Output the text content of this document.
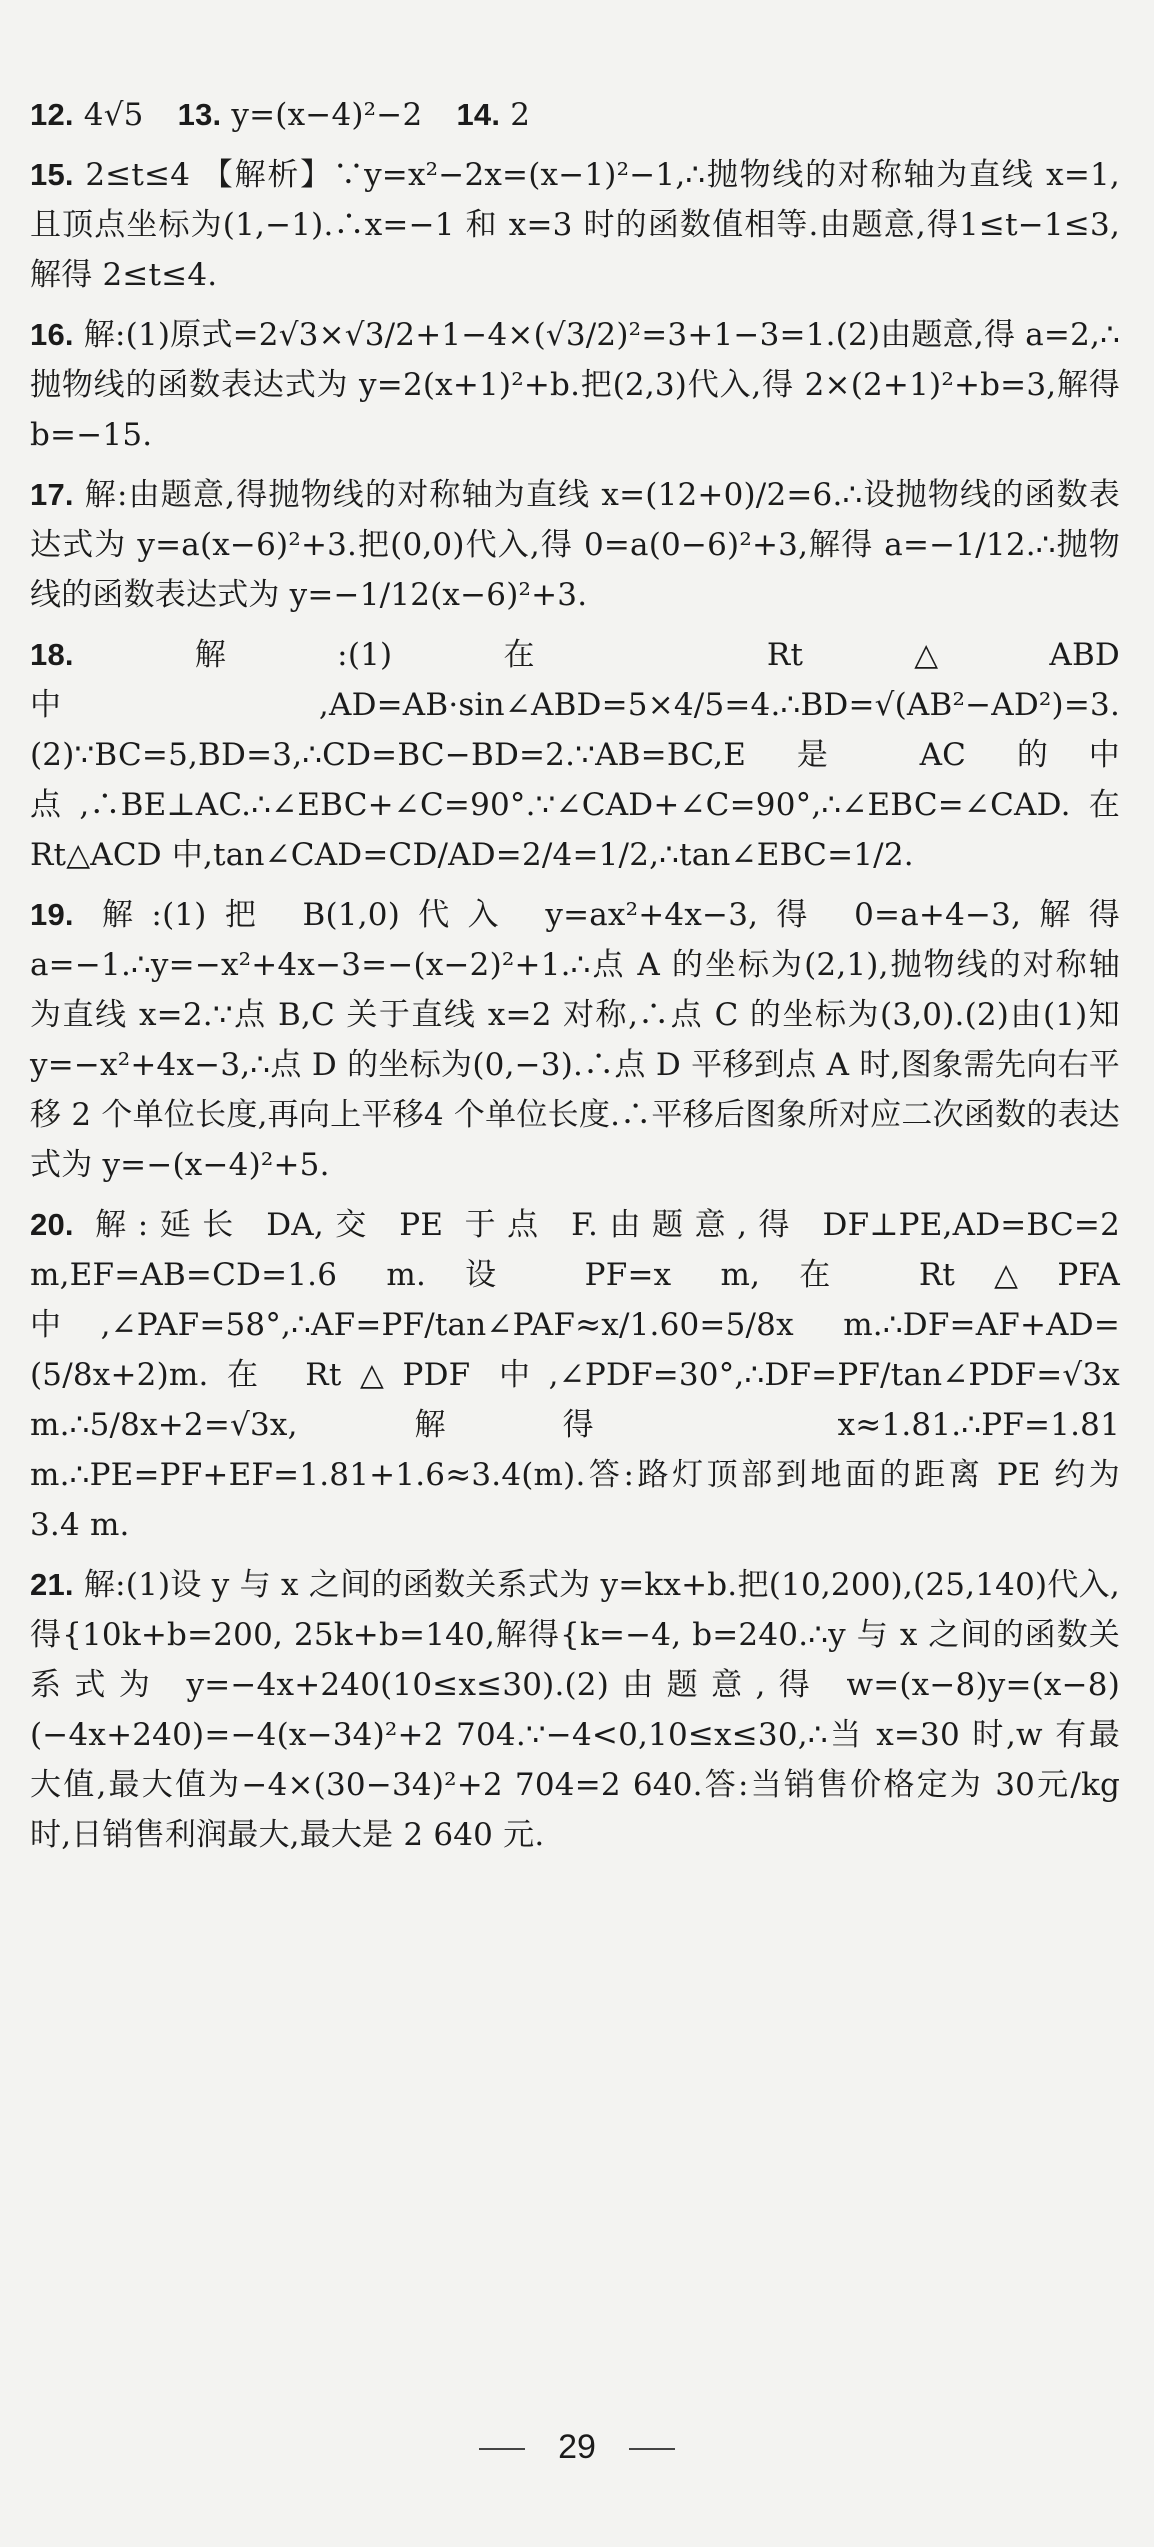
12. 4√5 13. y=(x−4)²−2 14. 2

15. 2≤t≤4 【解析】∵y=x²−2x=(x−1)²−1,∴抛物线的对称轴为直线 x=1,且顶点坐标为(1,−1).∴x=−1 和 x=3 时的函数值相等.由题意,得1≤t−1≤3,解得 2≤t≤4.

16. 解:(1)原式=2√3×√3/2+1−4×(√3/2)²=3+1−3=1.(2)由题意,得 a=2,∴抛物线的函数表达式为 y=2(x+1)²+b.把(2,3)代入,得 2×(2+1)²+b=3,解得 b=−15.

17. 解:由题意,得抛物线的对称轴为直线 x=(12+0)/2=6.∴设抛物线的函数表达式为 y=a(x−6)²+3.把(0,0)代入,得 0=a(0−6)²+3,解得 a=−1/12.∴抛物线的函数表达式为 y=−1/12(x−6)²+3.

18.	解:(1)在 Rt△ABD 中,AD=AB·sin∠ABD=5×4/5=4.∴BD=√(AB²−AD²)=3.(2)∵BC=5,BD=3,∴CD=BC−BD=2.∵AB=BC,E 是 AC 的中点,∴BE⊥AC.∴∠EBC+∠C=90°.∵∠CAD+∠C=90°,∴∠EBC=∠CAD.在 Rt△ACD 中,tan∠CAD=CD/AD=2/4=1/2,∴tan∠EBC=1/2.

19. 解:(1)把 B(1,0)代入 y=ax²+4x−3,得 0=a+4−3,解得 a=−1.∴y=−x²+4x−3=−(x−2)²+1.∴点 A 的坐标为(2,1),抛物线的对称轴为直线 x=2.∵点 B,C 关于直线 x=2 对称,∴点 C 的坐标为(3,0).(2)由(1)知 y=−x²+4x−3,∴点 D 的坐标为(0,−3).∴点 D 平移到点 A 时,图象需先向右平移 2 个单位长度,再向上平移4 个单位长度.∴平移后图象所对应二次函数的表达式为 y=−(x−4)²+5.

20. 解:延长 DA,交 PE 于点 F.由题意,得 DF⊥PE,AD=BC=2 m,EF=AB=CD=1.6 m.设 PF=x m,在 Rt△PFA 中,∠PAF=58°,∴AF=PF/tan∠PAF≈x/1.60=5/8x m.∴DF=AF+AD=(5/8x+2)m.在 Rt△PDF 中,∠PDF=30°,∴DF=PF/tan∠PDF=√3x m.∴5/8x+2=√3x,解得 x≈1.81.∴PF=1.81 m.∴PE=PF+EF=1.81+1.6≈3.4(m).答:路灯顶部到地面的距离 PE 约为 3.4 m.

21. 解:(1)设 y 与 x 之间的函数关系式为 y=kx+b.把(10,200),(25,140)代入,得{10k+b=200, 25k+b=140,解得{k=−4, b=240.∴y 与 x 之间的函数关系式为 y=−4x+240(10≤x≤30).(2)由题意,得 w=(x−8)y=(x−8)(−4x+240)=−4(x−34)²+2 704.∵−4<0,10≤x≤30,∴当 x=30 时,w 有最大值,最大值为−4×(30−34)²+2 704=2 640.答:当销售价格定为 30元/kg 时,日销售利润最大,最大是 2 640 元.

29
